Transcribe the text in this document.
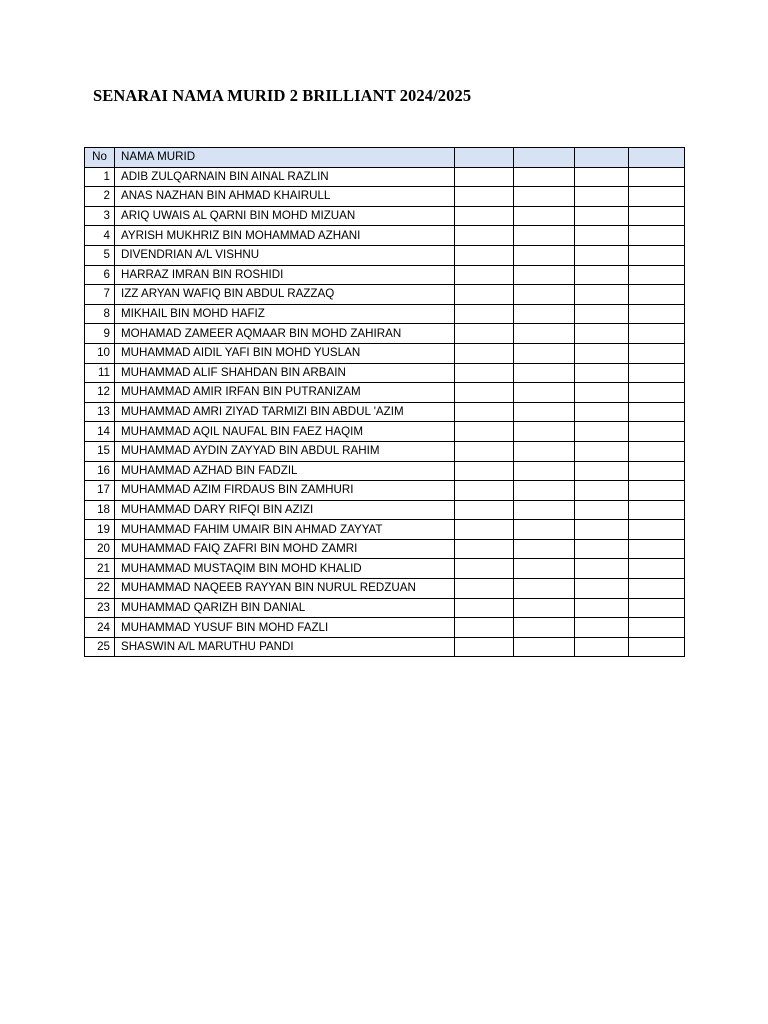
SENARAI NAMA MURID 2 BRILLIANT 2024/2025
No	NAMA MURID				
1	ADIB ZULQARNAIN BIN AINAL RAZLIN				
2	ANAS NAZHAN BIN AHMAD KHAIRULL				
3	ARIQ UWAIS AL QARNI BIN MOHD MIZUAN				
4	AYRISH MUKHRIZ BIN MOHAMMAD AZHANI				
5	DIVENDRIAN A/L VISHNU				
6	HARRAZ IMRAN BIN ROSHIDI				
7	IZZ ARYAN WAFIQ BIN ABDUL RAZZAQ				
8	MIKHAIL BIN MOHD HAFIZ				
9	MOHAMAD ZAMEER AQMAAR BIN MOHD ZAHIRAN				
10	MUHAMMAD AIDIL YAFI BIN MOHD YUSLAN				
11	MUHAMMAD ALIF SHAHDAN BIN ARBAIN				
12	MUHAMMAD AMIR IRFAN BIN PUTRANIZAM				
13	MUHAMMAD AMRI ZIYAD TARMIZI BIN ABDUL 'AZIM				
14	MUHAMMAD AQIL NAUFAL BIN FAEZ HAQIM				
15	MUHAMMAD AYDIN ZAYYAD BIN ABDUL RAHIM				
16	MUHAMMAD AZHAD BIN FADZIL				
17	MUHAMMAD AZIM FIRDAUS BIN ZAMHURI				
18	MUHAMMAD DARY RIFQI BIN AZIZI				
19	MUHAMMAD FAHIM UMAIR BIN AHMAD ZAYYAT				
20	MUHAMMAD FAIQ ZAFRI BIN MOHD ZAMRI				
21	MUHAMMAD MUSTAQIM BIN MOHD KHALID				
22	MUHAMMAD NAQEEB RAYYAN BIN NURUL REDZUAN				
23	MUHAMMAD QARIZH BIN DANIAL				
24	MUHAMMAD YUSUF BIN MOHD FAZLI				
25	SHASWIN A/L MARUTHU PANDI				
